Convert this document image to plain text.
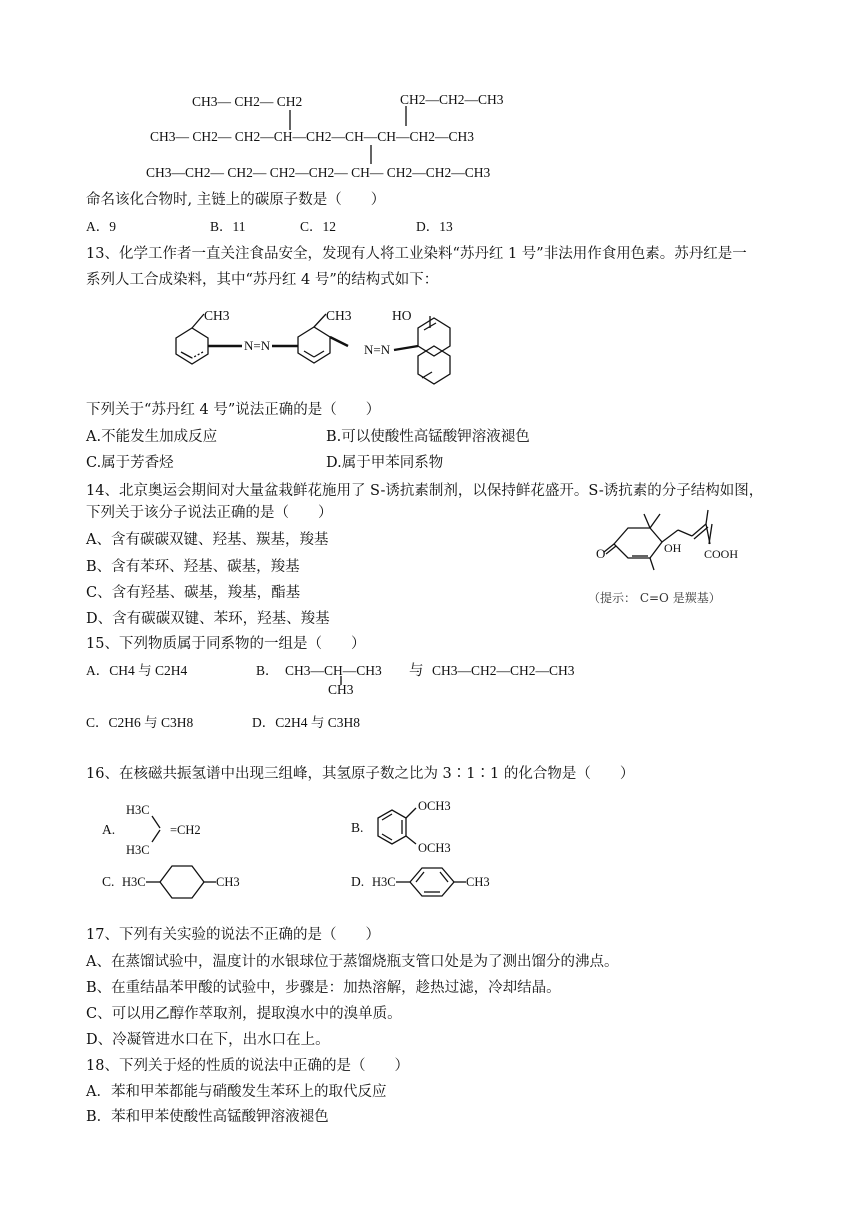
CH3— CH2— CH2	CH2—CH2—CH3
CH3— CH2— CH2—CH—CH2—CH—CH—CH2—CH3
CH3—CH2— CH2— CH2—CH2— CH— CH2—CH2—CH3
命名该化合物时, 主链上的碳原子数是（　　）
A．9	B．11	C．12	D．13
13、化学工作者一直关注食品安全，发现有人将工业染料“苏丹红 1 号”非法用作食用色素。苏丹红是一
系列人工合成染料，其中“苏丹红 4 号”的结构式如下：
N=N	N=N
CH3	CH3	HO
下列关于“苏丹红 4 号”说法正确的是（　　）
A.不能发生加成反应	B.可以使酸性高锰酸钾溶液褪色
C.属于芳香烃	D.属于甲苯同系物
14、北京奥运会期间对大量盆栽鲜花施用了 S-诱抗素制剂，以保持鲜花盛开。S-诱抗素的分子结构如图，
下列关于该分子说法正确的是（　　）
A、含有碳碳双键、羟基、羰基，羧基
B、含有苯环、羟基、碳基，羧基
C、含有羟基、碳基，羧基，酯基
D、含有碳碳双键、苯环，羟基、羧基
O	OH COOH
（提示： C=O 是羰基）
15、下列物质属于同系物的一组是（　　）
A．CH4 与 C2H4	B． CH3—CH—CH3
CH3
与 CH3—CH2—CH2—CH3
C．C2H6 与 C3H8	D．C2H4 与 C3H8
16、在核磁共振氢谱中出现三组峰，其氢原子数之比为 3∶1∶1 的化合物是（　　）
A.
H3C
H3C
=CH2	B.
OCH3
OCH3
C. H3C	CH3	D. H3C	CH3
17、下列有关实验的说法不正确的是（　　）
A、在蒸馏试验中，温度计的水银球位于蒸馏烧瓶支管口处是为了测出馏分的沸点。
B、在重结晶苯甲酸的试验中，步骤是：加热溶解，趁热过滤，冷却结晶。
C、可以用乙醇作萃取剂，提取溴水中的溴单质。
D、冷凝管进水口在下，出水口在上。
18、下列关于烃的性质的说法中正确的是（　　）
A．苯和甲苯都能与硝酸发生苯环上的取代反应
B．苯和甲苯使酸性高锰酸钾溶液褪色
